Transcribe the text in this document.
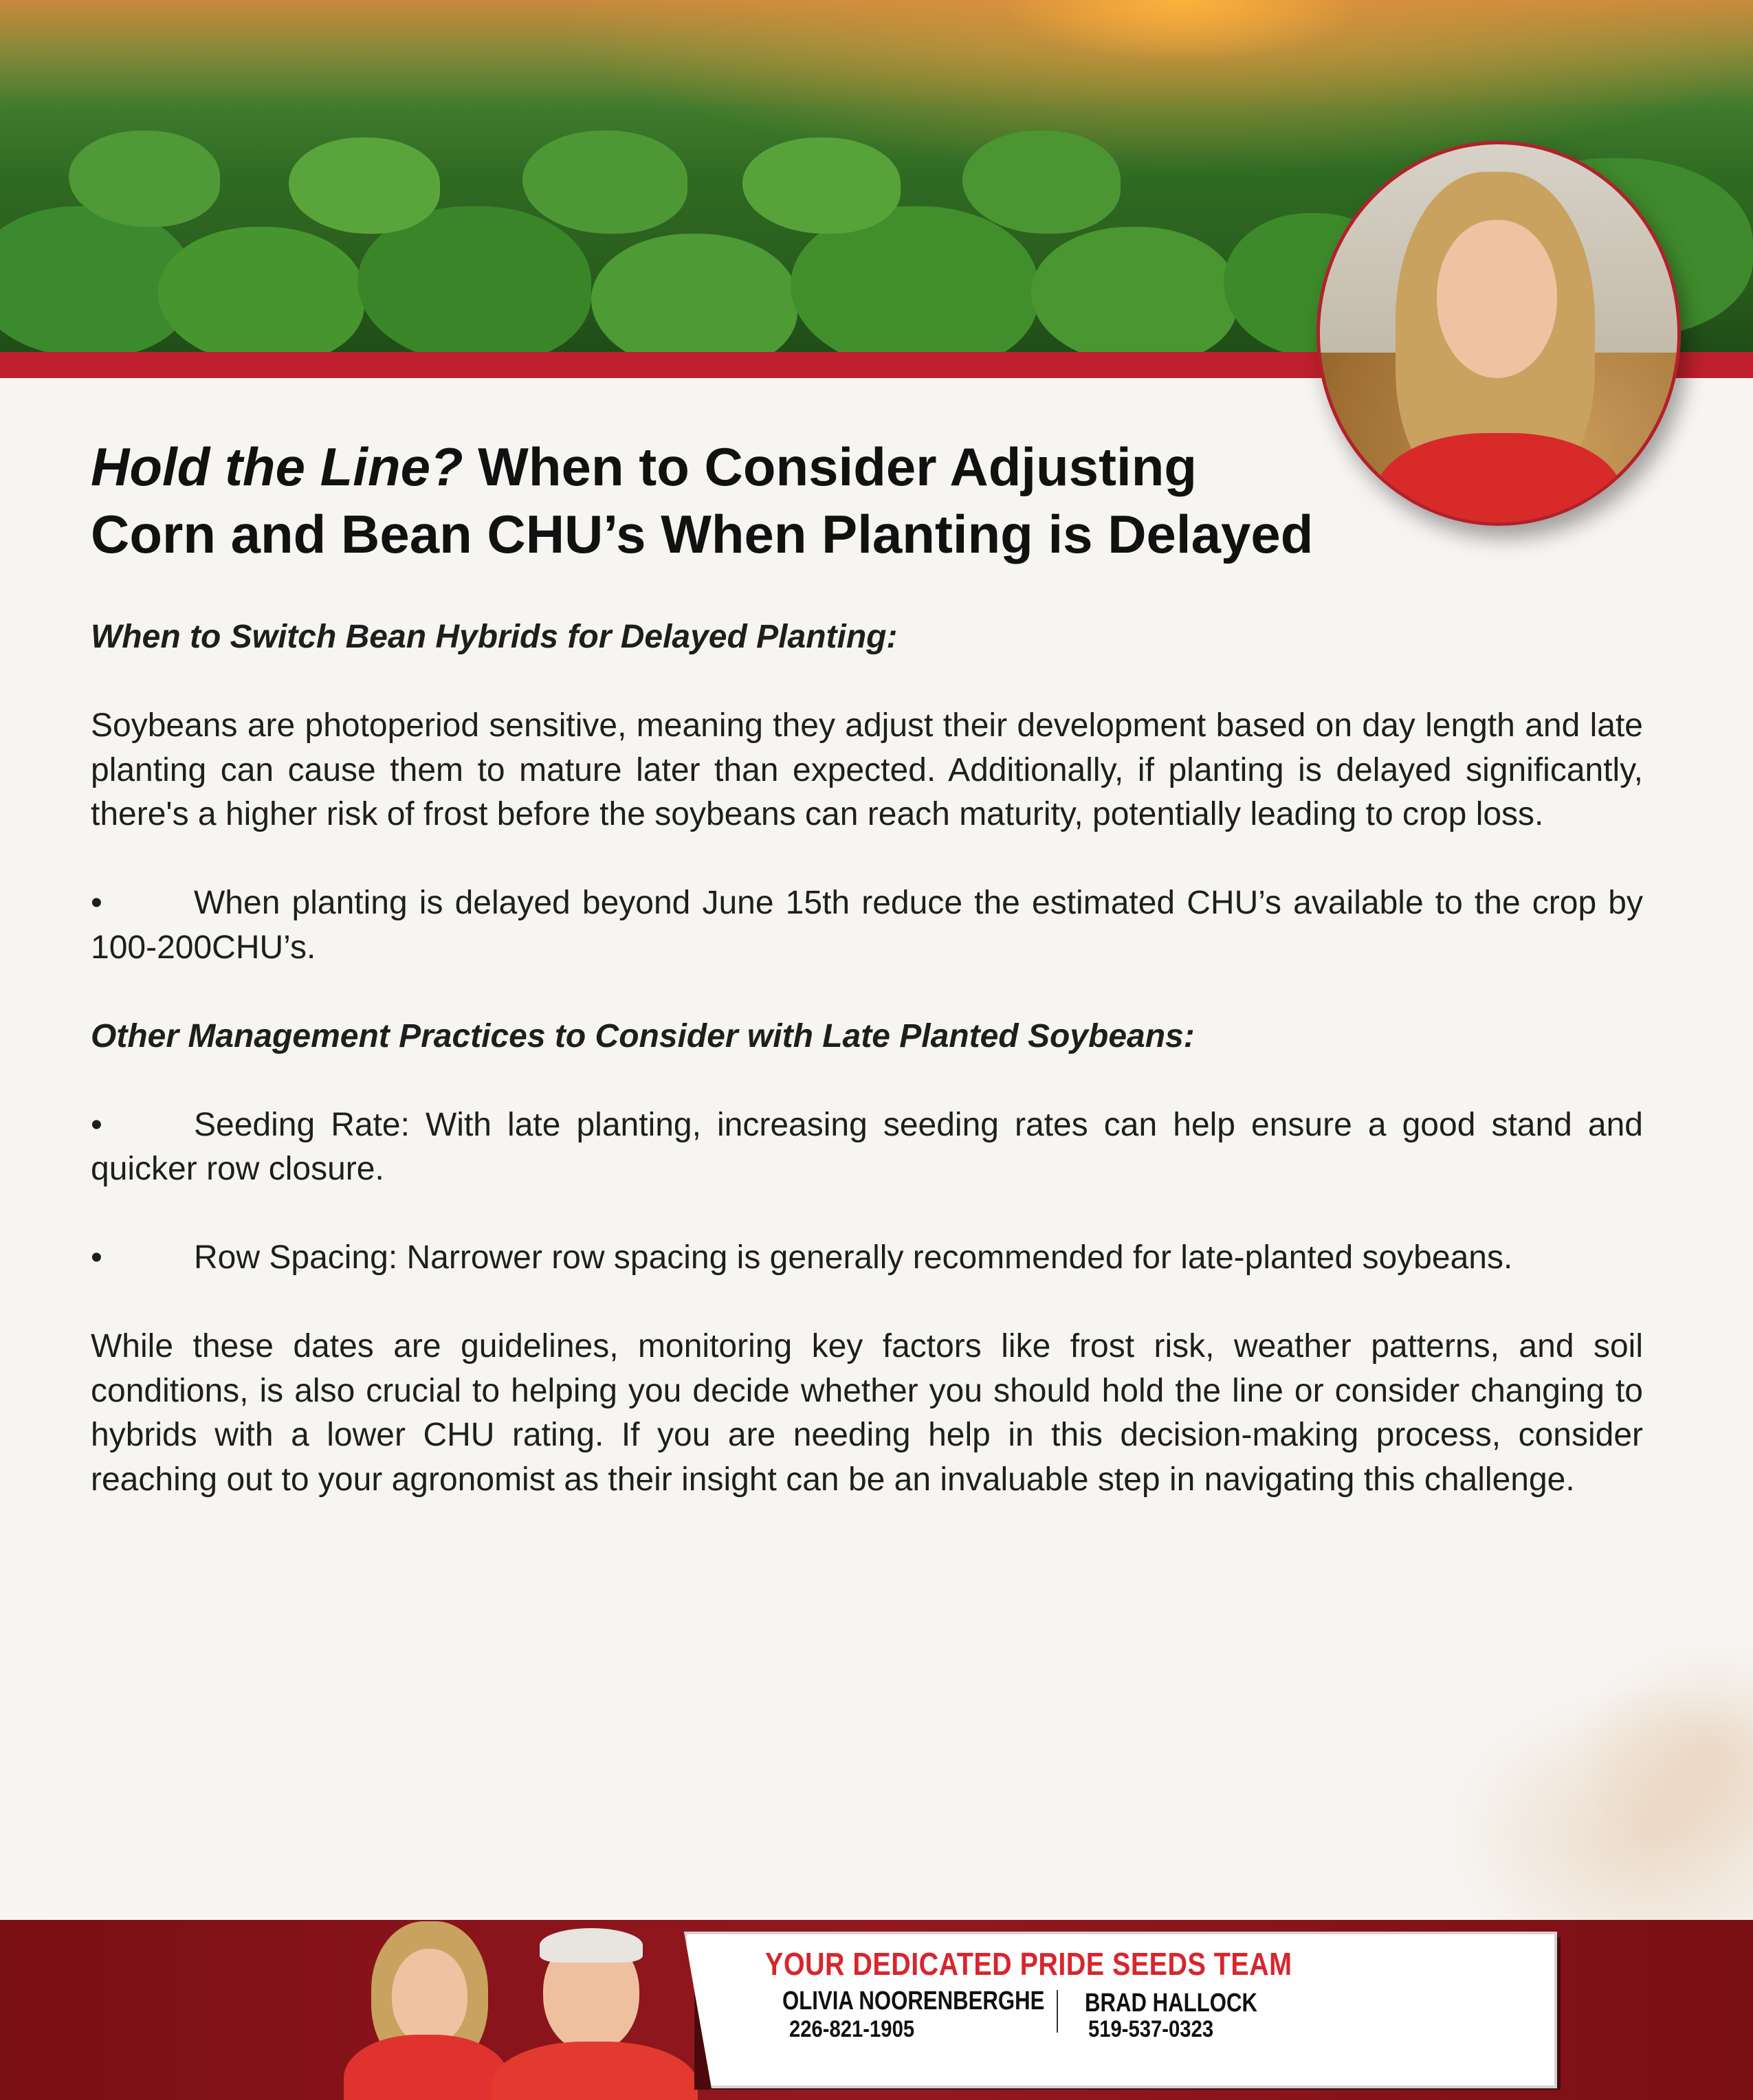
Hold the Line? When to Consider Adjusting
Corn and Bean CHU’s When Planting is Delayed

When to Switch Bean Hybrids for Delayed Planting:

Soybeans are photoperiod sensitive, meaning they adjust their development based on day length and late planting can cause them to mature later than expected. Additionally, if planting is delayed significantly, there's a higher risk of frost before the soybeans can reach maturity, potentially leading to crop loss.

•	When planting is delayed beyond June 15th reduce the estimated CHU’s available to the crop by 100-200CHU’s.

Other Management Practices to Consider with Late Planted Soybeans:

•	Seeding Rate: With late planting, increasing seeding rates can help ensure a good stand and quicker row closure.

•	Row Spacing: Narrower row spacing is generally recommended for late-planted soybeans.

While these dates are guidelines, monitoring key factors like frost risk, weather patterns, and soil conditions, is also crucial to helping you decide whether you should hold the line or consider changing to hybrids with a lower CHU rating. If you are needing help in this decision-making process, consider reaching out to your agronomist as their insight can be an invaluable step in navigating this challenge.

YOUR DEDICATED PRIDE SEEDS TEAM
OLIVIA NOORENBERGHE
226-821-1905
BRAD HALLOCK
519-537-0323
